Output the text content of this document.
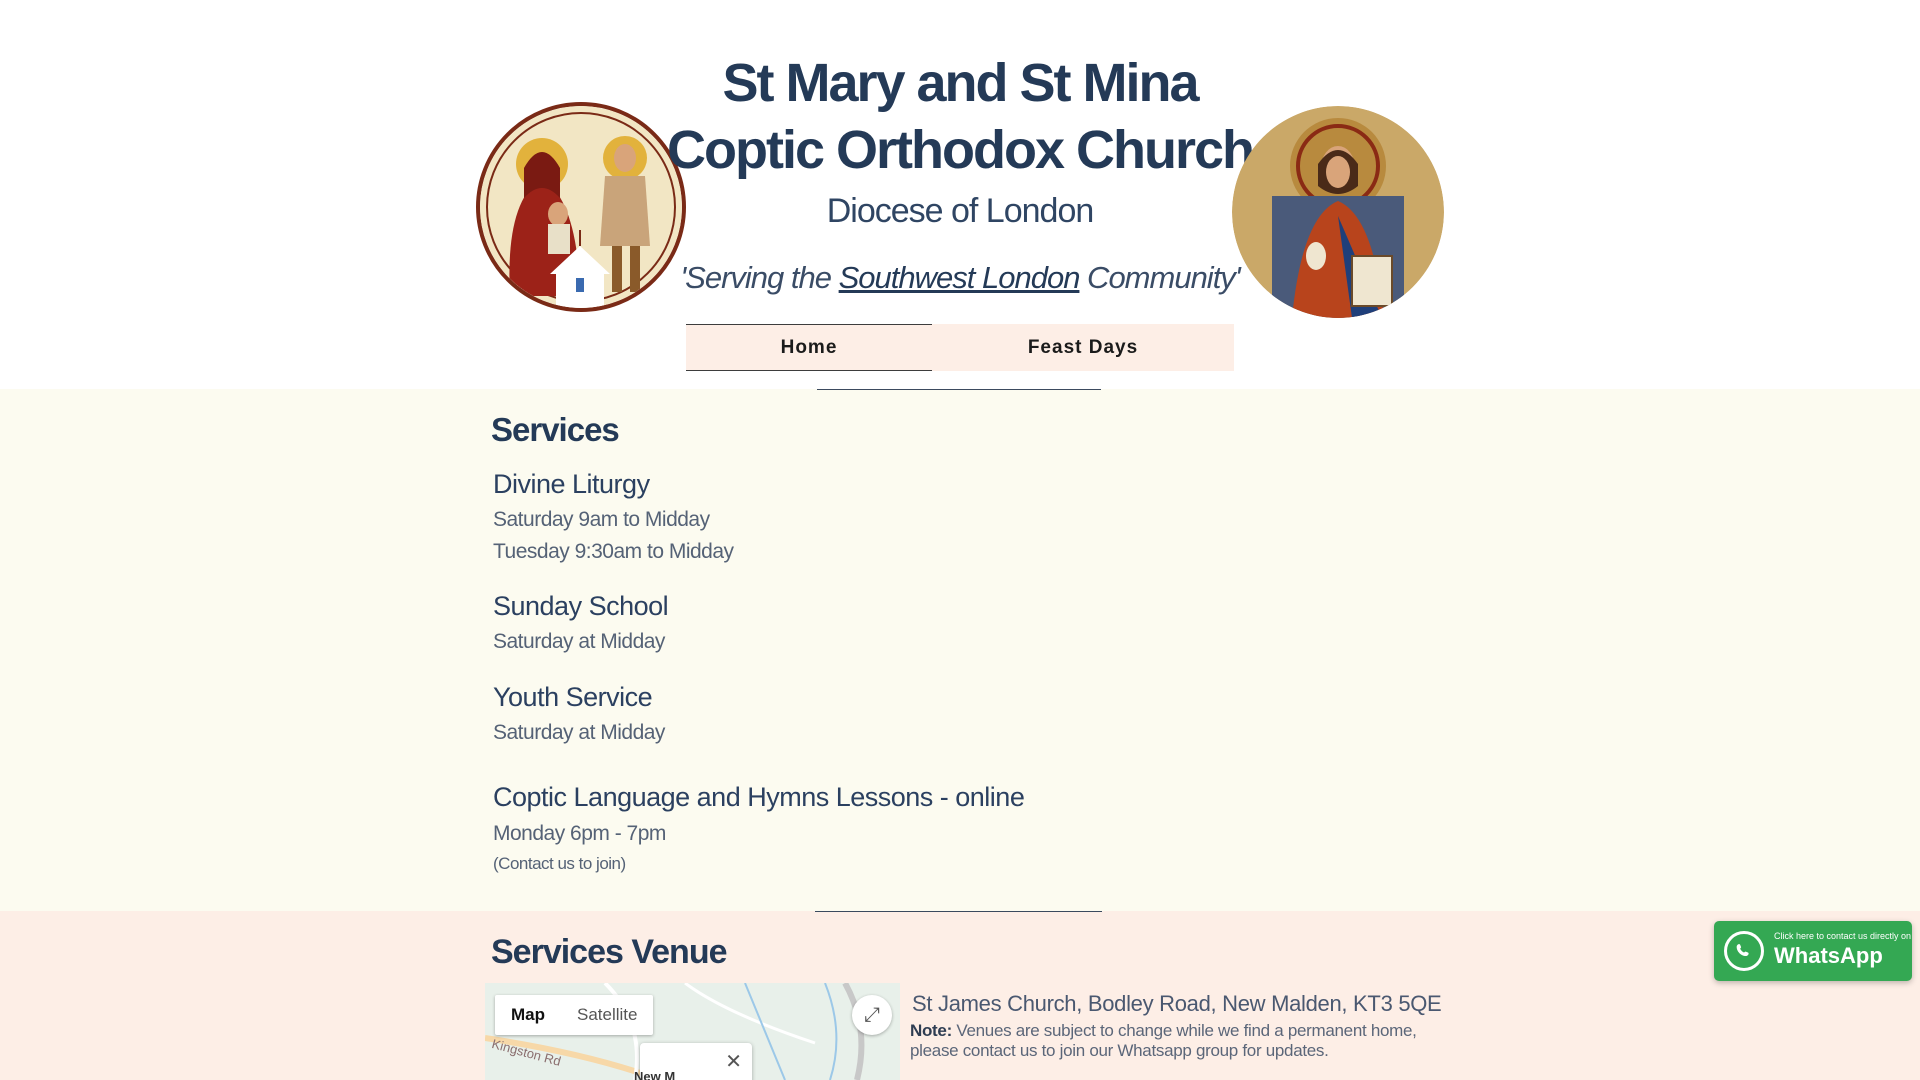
St Mary and St Mina
Coptic Orthodox Church
Diocese of London
'Serving the Southwest London Community'
Home	Feast Days
Services
Divine Liturgy
Saturday 9am to Midday
Tuesday 9:30am to Midday
Sunday School
Saturday at Midday
Youth Service
Saturday at Midday
Coptic Language and Hymns Lessons - online
Monday 6pm - 7pm
(Contact us to join)
Services Venue
Map	Satellite	⤢
Kingston Rd	✕
New M
St James Church, Bodley Road, New Malden, KT3 5QE
Note: Venues are subject to change while we find a permanent home, please contact us to join our Whatsapp group for updates.
Click here to contact us directly on
WhatsApp
